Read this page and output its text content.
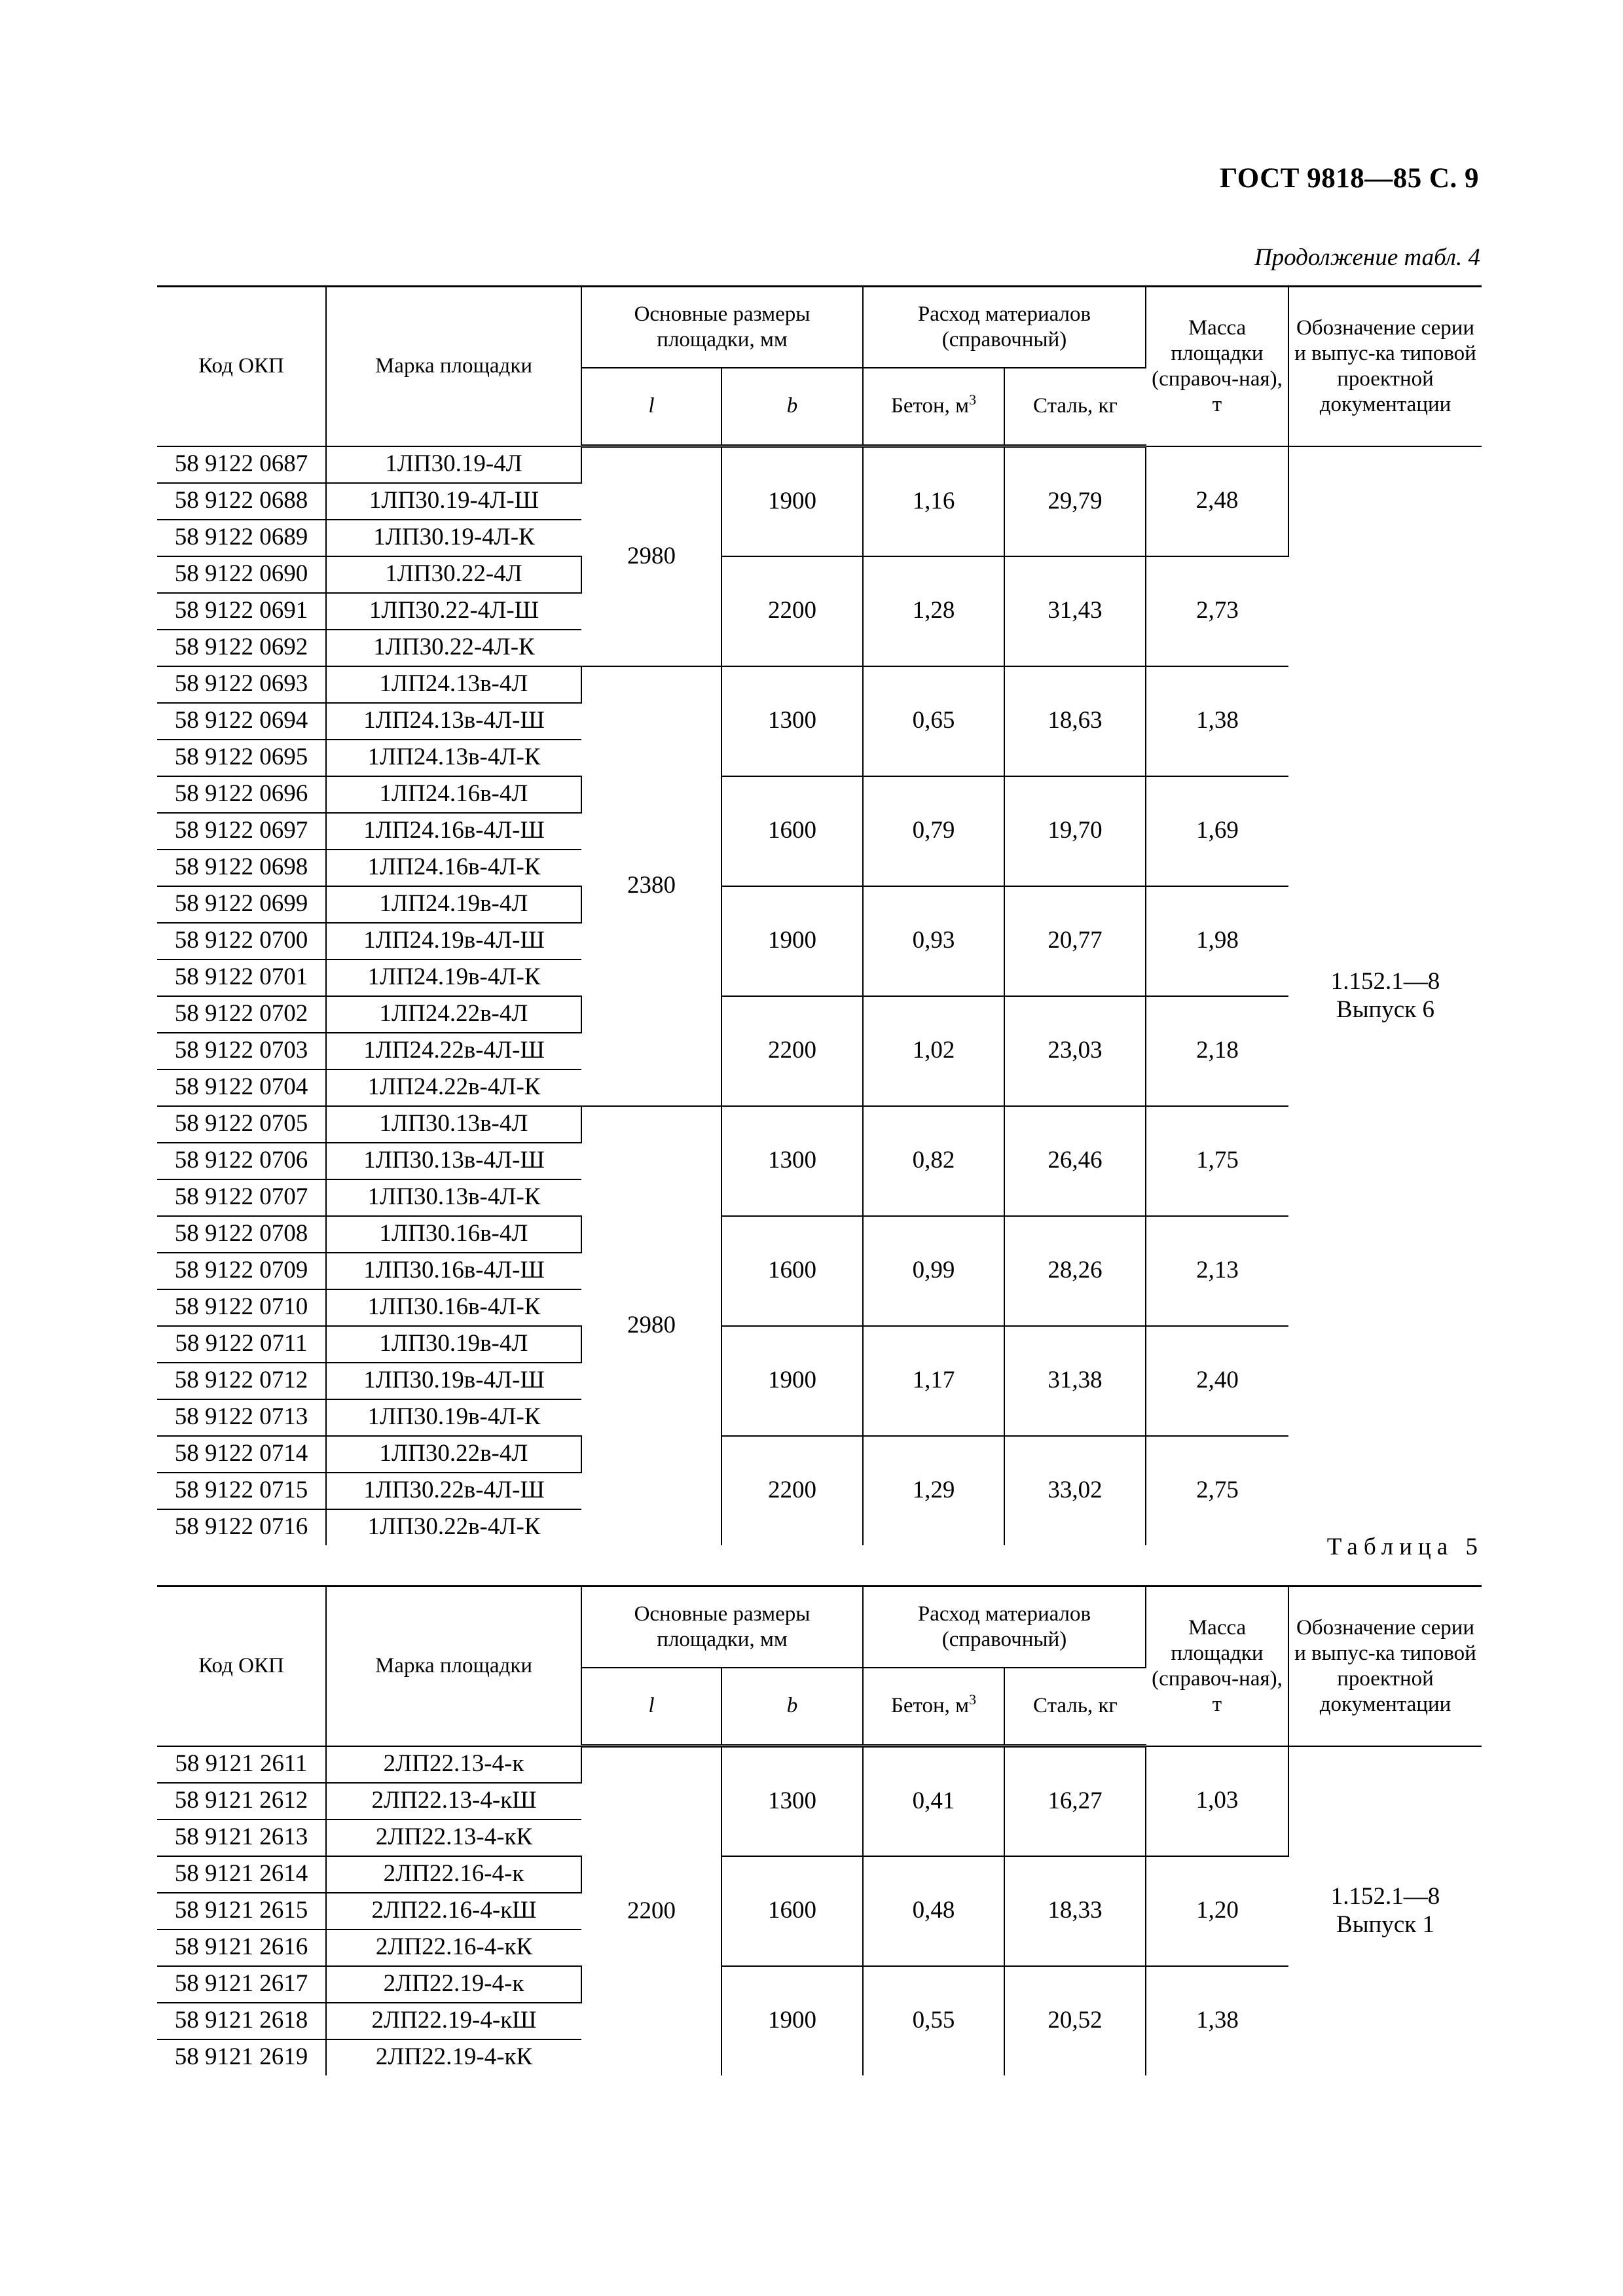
ГОСТ 9818—85 С. 9
Продолжение табл. 4
Код ОКП	Марка площадки	Основные размеры площадки, мм		Расход материалов (справочный)		Масса площадки (справоч-ная), т	Обозначение серии и выпус-ка типовой проектной документации
		l	b	Бетон, $м^3$	Сталь, кг		
58 9122 0687	1ЛП30.19-4Л	2980	1900	1,16	29,79	2,48	1.152.1—8
Выпуск 6

58 9122 0688	1ЛП30.19-4Л-Ш						
58 9122 0689	1ЛП30.19-4Л-К						
58 9122 0690	1ЛП30.22-4Л		2200	1,28	31,43	2,73	
58 9122 0691	1ЛП30.22-4Л-Ш						
58 9122 0692	1ЛП30.22-4Л-К						
58 9122 0693	1ЛП24.13в-4Л	2380	1300	0,65	18,63	1,38	
58 9122 0694	1ЛП24.13в-4Л-Ш						
58 9122 0695	1ЛП24.13в-4Л-К						
58 9122 0696	1ЛП24.16в-4Л		1600	0,79	19,70	1,69	
58 9122 0697	1ЛП24.16в-4Л-Ш						
58 9122 0698	1ЛП24.16в-4Л-К						
58 9122 0699	1ЛП24.19в-4Л		1900	0,93	20,77	1,98	
58 9122 0700	1ЛП24.19в-4Л-Ш						
58 9122 0701	1ЛП24.19в-4Л-К						
58 9122 0702	1ЛП24.22в-4Л		2200	1,02	23,03	2,18	
58 9122 0703	1ЛП24.22в-4Л-Ш						
58 9122 0704	1ЛП24.22в-4Л-К						
58 9122 0705	1ЛП30.13в-4Л	2980	1300	0,82	26,46	1,75	
58 9122 0706	1ЛП30.13в-4Л-Ш						
58 9122 0707	1ЛП30.13в-4Л-К						
58 9122 0708	1ЛП30.16в-4Л		1600	0,99	28,26	2,13	
58 9122 0709	1ЛП30.16в-4Л-Ш						
58 9122 0710	1ЛП30.16в-4Л-К						
58 9122 0711	1ЛП30.19в-4Л		1900	1,17	31,38	2,40	
58 9122 0712	1ЛП30.19в-4Л-Ш						
58 9122 0713	1ЛП30.19в-4Л-К						
58 9122 0714	1ЛП30.22в-4Л		2200	1,29	33,02	2,75	
58 9122 0715	1ЛП30.22в-4Л-Ш						
58 9122 0716	1ЛП30.22в-4Л-К						
Таблица 5
Код ОКП	Марка площадки	Основные размеры площадки, мм		Расход материалов (справочный)		Масса площадки (справоч-ная), т	Обозначение серии и выпус-ка типовой проектной документации
		l	b	Бетон, $м^3$	Сталь, кг		
58 9121 2611	2ЛП22.13-4-к	2200	1300	0,41	16,27	1,03	1.152.1—8
Выпуск 1

58 9121 2612	2ЛП22.13-4-кШ						
58 9121 2613	2ЛП22.13-4-кК						
58 9121 2614	2ЛП22.16-4-к		1600	0,48	18,33	1,20	
58 9121 2615	2ЛП22.16-4-кШ						
58 9121 2616	2ЛП22.16-4-кК						
58 9121 2617	2ЛП22.19-4-к		1900	0,55	20,52	1,38	
58 9121 2618	2ЛП22.19-4-кШ						
58 9121 2619	2ЛП22.19-4-кК						
